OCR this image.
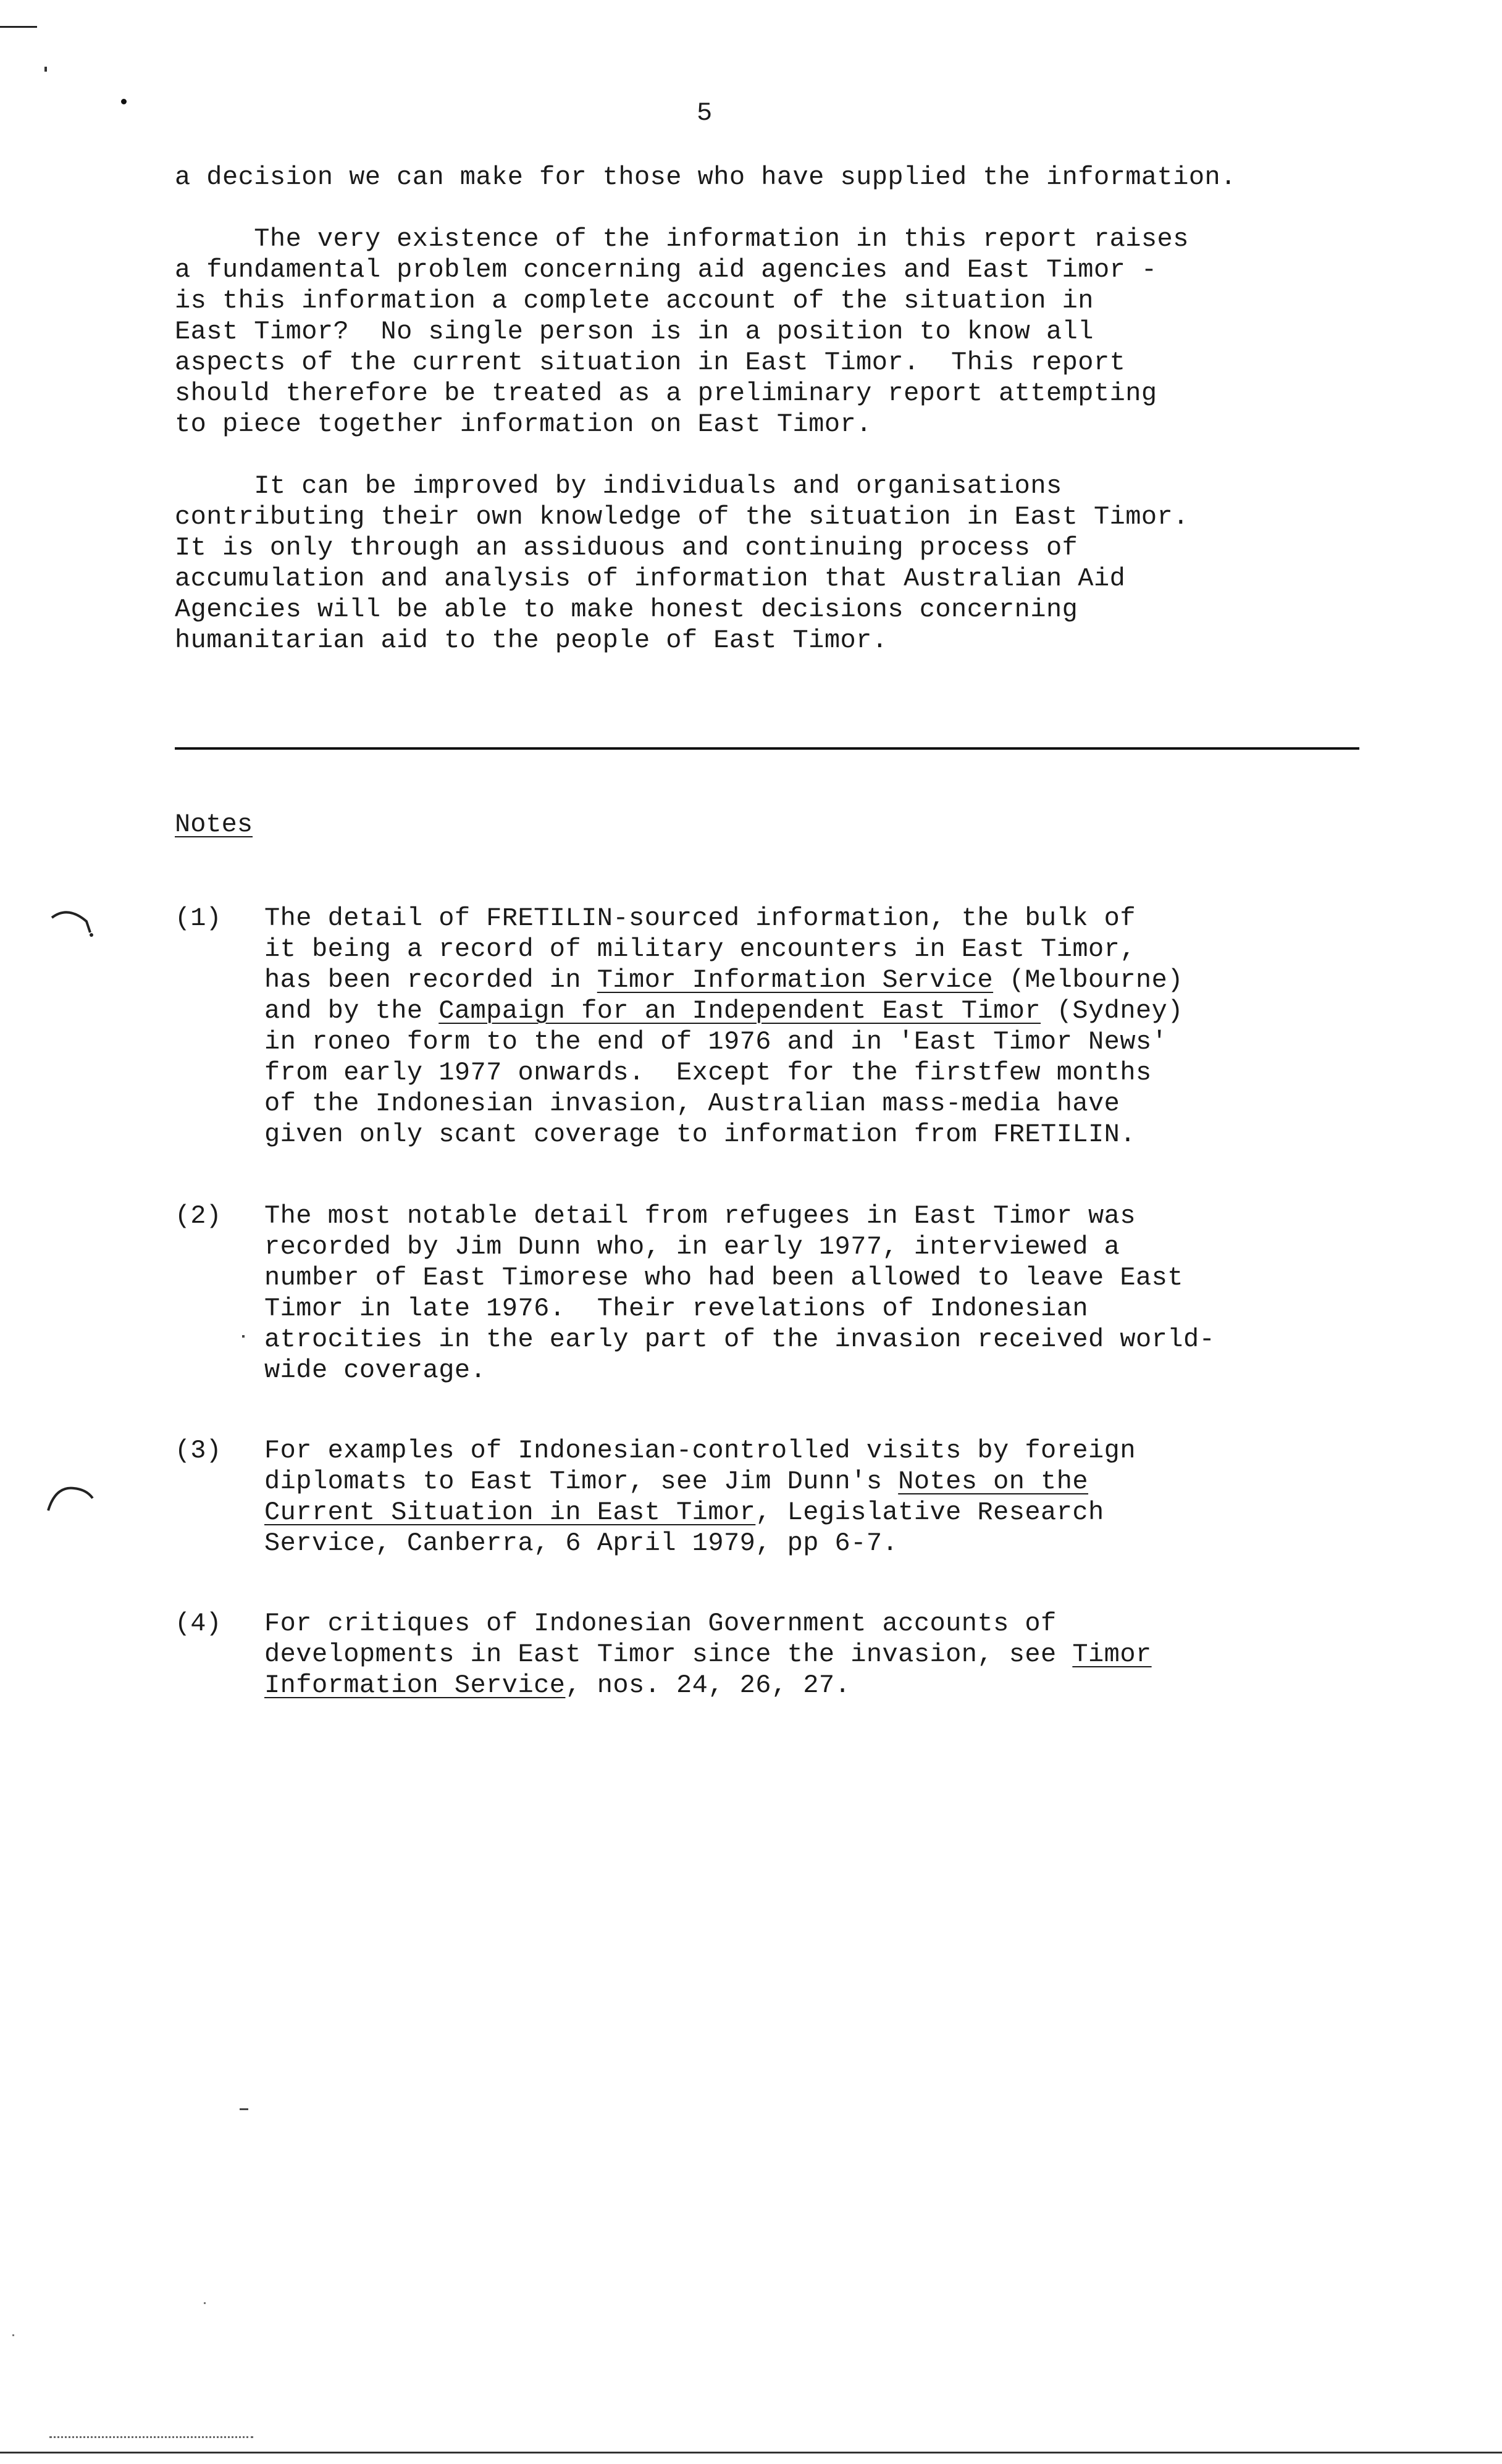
5
a decision we can make for those who have supplied the information.
The very existence of the information in this report raises
a fundamental problem concerning aid agencies and East Timor -
is this information a complete account of the situation in
East Timor?  No single person is in a position to know all
aspects of the current situation in East Timor.  This report
should therefore be treated as a preliminary report attempting
to piece together information on East Timor.
It can be improved by individuals and organisations
contributing their own knowledge of the situation in East Timor.
It is only through an assiduous and continuing process of
accumulation and analysis of information that Australian Aid
Agencies will be able to make honest decisions concerning
humanitarian aid to the people of East Timor.
Notes
(1) The detail of FRETILIN-sourced information, the bulk of
it being a record of military encounters in East Timor,
has been recorded in Timor Information Service (Melbourne)
and by the Campaign for an Independent East Timor (Sydney)
in roneo form to the end of 1976 and in 'East Timor News'
from early 1977 onwards.  Except for the firstfew months
of the Indonesian invasion, Australian mass-media have
given only scant coverage to information from FRETILIN.
(2) The most notable detail from refugees in East Timor was
recorded by Jim Dunn who, in early 1977, interviewed a
number of East Timorese who had been allowed to leave East
Timor in late 1976.  Their revelations of Indonesian
atrocities in the early part of the invasion received world-
wide coverage.
(3) For examples of Indonesian-controlled visits by foreign
diplomats to East Timor, see Jim Dunn's Notes on the
Current Situation in East Timor, Legislative Research
Service, Canberra, 6 April 1979, pp 6-7.
(4) For critiques of Indonesian Government accounts of
developments in East Timor since the invasion, see Timor
Information Service, nos. 24, 26, 27.
